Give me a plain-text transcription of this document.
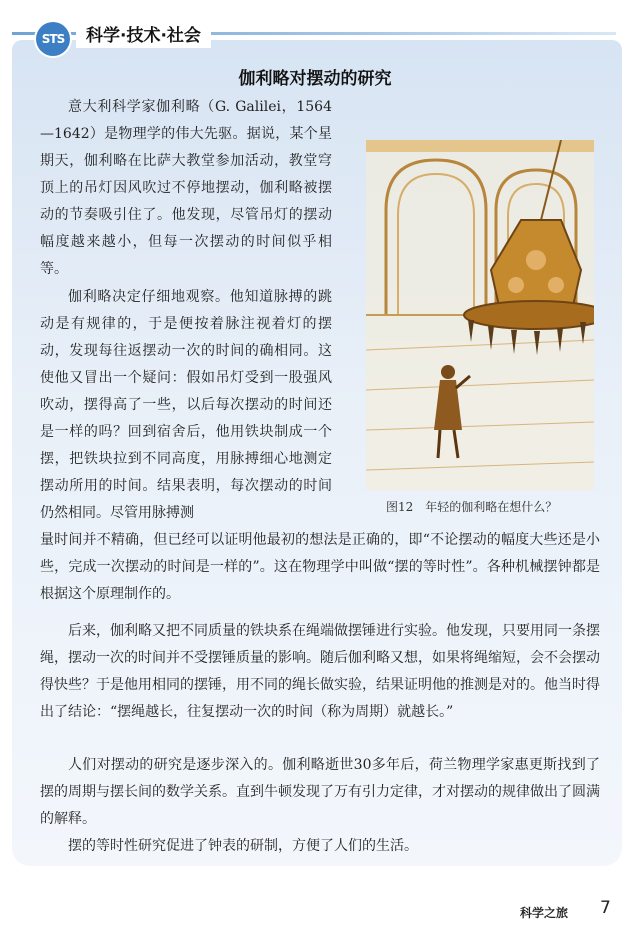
STS	科学·技术·社会
伽利略对摆动的研究

意大利科学家伽利略（G. Galilei，1564—1642）是物理学的伟大先驱。据说，某个星期天，伽利略在比萨大教堂参加活动，教堂穹顶上的吊灯因风吹过不停地摆动，伽利略被摆动的节奏吸引住了。他发现，尽管吊灯的摆动幅度越来越小，但每一次摆动的时间似乎相等。

伽利略决定仔细地观察。他知道脉搏的跳动是有规律的，于是便按着脉注视着灯的摆动，发现每往返摆动一次的时间的确相同。这使他又冒出一个疑问：假如吊灯受到一股强风吹动，摆得高了一些，以后每次摆动的时间还是一样的吗？回到宿舍后，他用铁块制成一个摆，把铁块拉到不同高度，用脉搏细心地测定摆动所用的时间。结果表明，每次摆动的时间仍然相同。尽管用脉搏测

量时间并不精确，但已经可以证明他最初的想法是正确的，即“不论摆动的幅度大些还是小些，完成一次摆动的时间是一样的”。这在物理学中叫做“摆的等时性”。各种机械摆钟都是根据这个原理制作的。

后来，伽利略又把不同质量的铁块系在绳端做摆锤进行实验。他发现，只要用同一条摆绳，摆动一次的时间并不受摆锤质量的影响。随后伽利略又想，如果将绳缩短，会不会摆动得快些？于是他用相同的摆锤，用不同的绳长做实验，结果证明他的推测是对的。他当时得出了结论：“摆绳越长，往复摆动一次的时间（称为周期）就越长。”

人们对摆动的研究是逐步深入的。伽利略逝世30多年后，荷兰物理学家惠更斯找到了摆的周期与摆长间的数学关系。直到牛顿发现了万有引力定律，才对摆动的规律做出了圆满的解释。

摆的等时性研究促进了钟表的研制，方便了人们的生活。

图12　年轻的伽利略在想什么？
科学之旅 7
